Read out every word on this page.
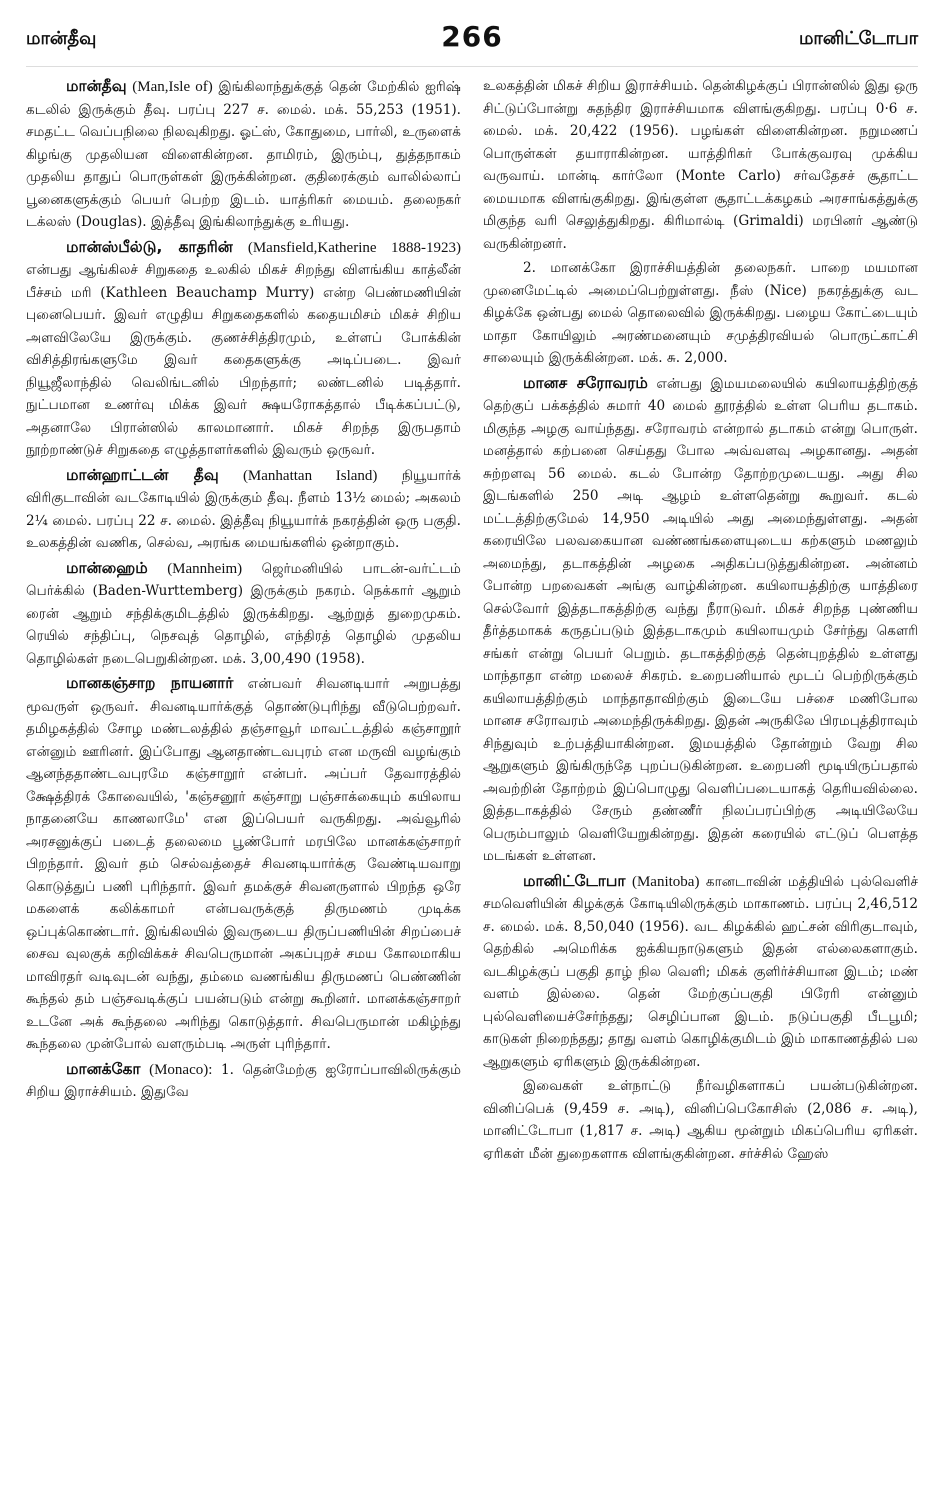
மான்தீவு	266	மானிட்டோபா

மான்தீவு (Man,Isle of) இங்கிலாந்துக்குத் தென் மேற்கில் ஐரிஷ் கடலில் இருக்கும் தீவு. பரப்பு 227 ச. மைல். மக். 55,253 (1951). சமதட்ட வெப்பநிலை நிலவுகிறது. ஓட்ஸ், கோதுமை, பார்லி, உருளைக் கிழங்கு முதலியன விளைகின்றன. தாமிரம், இரும்பு, துத்தநாகம் முதலிய தாதுப் பொருள்கள் இருக்கின்றன. குதிரைக்கும் வாலில்லாப் பூனைகளுக்கும் பெயர் பெற்ற இடம். யாத்ரிகர் மையம். தலைநகர் டக்லஸ் (Douglas). இத்தீவு இங்கிலாந்துக்கு உரியது.

மான்ஸ்பீல்டு, காதரின் (Mansfield,Katherine 1888-1923) என்பது ஆங்கிலச் சிறுகதை உலகில் மிகச் சிறந்து விளங்கிய காத்லீன் பீச்சம் மரி (Kathleen Beauchamp Murry) என்ற பெண்மணியின் புனைபெயர். இவர் எழுதிய சிறுகதைகளில் கதையமிசம் மிகச் சிறிய அளவிலேயே இருக்கும். குணச்சித்திரமும், உள்ளப் போக்கின் விசித்திரங்களுமே இவர் கதைகளுக்கு அடிப்படை. இவர் நியூஜீலாந்தில் வெலிங்டனில் பிறந்தார்; லண்டனில் படித்தார். நுட்பமான உணர்வு மிக்க இவர் க்ஷயரோகத்தால் பீடிக்கப்பட்டு, அதனாலே பிரான்ஸில் காலமானார். மிகச் சிறந்த இருபதாம் நூற்றாண்டுச் சிறுகதை எழுத்தாளர்களில் இவரும் ஒருவர்.

மான்ஹாட்டன் தீவு (Manhattan Island) நியூயார்க் விரிகுடாவின் வடகோடியில் இருக்கும் தீவு. நீளம் 13½ மைல்; அகலம் 2¼ மைல். பரப்பு 22 ச. மைல். இத்தீவு நியூயார்க் நகரத்தின் ஒரு பகுதி. உலகத்தின் வணிக, செல்வ, அரங்க மையங்களில் ஒன்றாகும்.

மான்ஹைம் (Mannheim) ஜெர்மனியில் பாடன்-வர்ட்டம் பெர்க்கில் (Baden-Wurttemberg) இருக்கும் நகரம். நெக்கார் ஆறும் ரைன் ஆறும் சந்திக்குமிடத்தில் இருக்கிறது. ஆற்றுத் துறைமுகம். ரெயில் சந்திப்பு, நெசவுத் தொழில், எந்திரத் தொழில் முதலிய தொழில்கள் நடைபெறுகின்றன. மக். 3,00,490 (1958).

மானகஞ்சாற நாயனார் என்பவர் சிவனடியார் அறுபத்து மூவருள் ஒருவர். சிவனடியார்க்குத் தொண்டுபுரிந்து வீடுபெற்றவர். தமிழகத்தில் சோழ மண்டலத்தில் தஞ்சாவூர் மாவட்டத்தில் கஞ்சாறூர் என்னும் ஊரினர். இப்போது ஆனதாண்டவபுரம் என மருவி வழங்கும் ஆனந்ததாண்டவபுரமே கஞ்சாறூர் என்பர். அப்பர் தேவாரத்தில் க்ஷேத்திரக் கோவையில், 'கஞ்சனூர் கஞ்சாறு பஞ்சாக்கையும் கயிலாய நாதனையே காணலாமே' என இப்பெயர் வருகிறது. அவ்வூரில் அரசனுக்குப் படைத் தலைமை பூண்போர் மரபிலே மானக்கஞ்சாறர் பிறந்தார். இவர் தம் செல்வத்தைச் சிவனடியார்க்கு வேண்டியவாறு கொடுத்துப் பணி புரிந்தார். இவர் தமக்குச் சிவனருளால் பிறந்த ஒரே மகளைக் கலிக்காமர் என்பவருக்குத் திருமணம் முடிக்க ஒப்புக்கொண்டார். இங்கிலயில் இவருடைய திருப்பணியின் சிறப்பைச் சைவ வுலகுக் கறிவிக்கச் சிவபெருமான் அகப்புறச் சமய கோலமாகிய மாவிரதர் வடிவுடன் வந்து, தம்மை வணங்கிய திருமணப் பெண்ணின் கூந்தல் தம் பஞ்சவடிக்குப் பயன்படும் என்று கூறினர். மானக்கஞ்சாறர் உடனே அக் கூந்தலை அரிந்து கொடுத்தார். சிவபெருமான் மகிழ்ந்து கூந்தலை முன்போல் வளரும்படி அருள் புரிந்தார்.

மானக்கோ (Monaco): 1. தென்மேற்கு ஐரோப்பாவிலிருக்கும் சிறிய இராச்சியம். இதுவே

உலகத்தின் மிகச் சிறிய இராச்சியம். தென்கிழக்குப் பிரான்ஸில் இது ஒரு சிட்டுப்போன்று சுதந்திர இராச்சியமாக விளங்குகிறது. பரப்பு 0·6 ச. மைல். மக். 20,422 (1956). பழங்கள் விளைகின்றன. நறுமணப் பொருள்கள் தயாராகின்றன. யாத்திரிகர் போக்குவரவு முக்கிய வருவாய். மான்டி கார்லோ (Monte Carlo) சர்வதேசச் சூதாட்ட மையமாக விளங்குகிறது. இங்குள்ள சூதாட்டக்கழகம் அரசாங்கத்துக்கு மிகுந்த வரி செலுத்துகிறது. கிரிமால்டி (Grimaldi) மரபினர் ஆண்டு வருகின்றனர்.

2. மானக்கோ இராச்சியத்தின் தலைநகர். பாறை மயமான முனைமேட்டில் அமைப்பெற்றுள்ளது. நீஸ் (Nice) நகரத்துக்கு வட கிழக்கே ஒன்பது மைல் தொலைவில் இருக்கிறது. பழைய கோட்டையும் மாதா கோயிலும் அரண்மனையும் சமுத்திரவியல் பொருட்காட்சி சாலையும் இருக்கின்றன. மக். சு. 2,000.

மானச சரோவரம் என்பது இமயமலையில் கயிலாயத்திற்குத் தெற்குப் பக்கத்தில் சுமார் 40 மைல் தூரத்தில் உள்ள பெரிய தடாகம். மிகுந்த அழகு வாய்ந்தது. சரோவரம் என்றால் தடாகம் என்று பொருள். மனத்தால் கற்பனை செய்தது போல அவ்வளவு அழகானது. அதன் சுற்றளவு 56 மைல். கடல் போன்ற தோற்றமுடையது. அது சில இடங்களில் 250 அடி ஆழம் உள்ளதென்று கூறுவர். கடல் மட்டத்திற்குமேல் 14,950 அடியில் அது அமைந்துள்ளது. அதன் கரையிலே பலவகையான வண்ணங்களையுடைய கற்களும் மணலும் அமைந்து, தடாகத்தின் அழகை அதிகப்படுத்துகின்றன. அன்னம் போன்ற பறவைகள் அங்கு வாழ்கின்றன. கயிலாயத்திற்கு யாத்திரை செல்வோர் இத்தடாகத்திற்கு வந்து நீராடுவர். மிகச் சிறந்த புண்ணிய தீர்த்தமாகக் கருதப்படும் இத்தடாகமும் கயிலாயமும் சேர்ந்து கௌரி சங்கர் என்று பெயர் பெறும். தடாகத்திற்குத் தென்புறத்தில் உள்ளது மாந்தாதா என்ற மலைச் சிகரம். உறைபனியால் மூடப் பெற்றிருக்கும் கயிலாயத்திற்கும் மாந்தாதாவிற்கும் இடையே பச்சை மணிபோல மானச சரோவரம் அமைந்திருக்கிறது. இதன் அருகிலே பிரமபுத்திராவும் சிந்துவும் உற்பத்தியாகின்றன. இமயத்தில் தோன்றும் வேறு சில ஆறுகளும் இங்கிருந்தே புறப்படுகின்றன. உறைபனி மூடியிருப்பதால் அவற்றின் தோற்றம் இப்பொழுது வெளிப்படையாகத் தெரியவில்லை. இத்தடாகத்தில் சேரும் தண்ணீர் நிலப்பரப்பிற்கு அடியிலேயே பெரும்பாலும் வெளியேறுகின்றது. இதன் கரையில் எட்டுப் பௌத்த மடங்கள் உள்ளன.

மானிட்டோபா (Manitoba) கானடாவின் மத்தியில் புல்வெளிச் சமவெளியின் கிழக்குக் கோடியிலிருக்கும் மாகாணம். பரப்பு 2,46,512 ச. மைல். மக். 8,50,040 (1956). வட கிழக்கில் ஹட்சன் விரிகுடாவும், தெற்கில் அமெரிக்க ஐக்கியநாடுகளும் இதன் எல்லைகளாகும். வடகிழக்குப் பகுதி தாழ் நில வெளி; மிகக் குளிர்ச்சியான இடம்; மண் வளம் இல்லை. தென் மேற்குப்பகுதி பிரேரி என்னும் புல்வெளியைச்சேர்ந்தது; செழிப்பான இடம். நடுப்பகுதி பீடபூமி; காடுகள் நிறைந்தது; தாது வளம் கொழிக்குமிடம் இம் மாகாணத்தில் பல ஆறுகளும் ஏரிகளும் இருக்கின்றன.

இவைகள் உள்நாட்டு நீர்வழிகளாகப் பயன்படுகின்றன. வினிப்பெக் (9,459 ச. அடி), வினிப்பெகோசிஸ் (2,086 ச. அடி), மானிட்டோபா (1,817 ச. அடி) ஆகிய மூன்றும் மிகப்பெரிய ஏரிகள். ஏரிகள் மீன் துறைகளாக விளங்குகின்றன. சர்ச்சில் ஹேஸ்
